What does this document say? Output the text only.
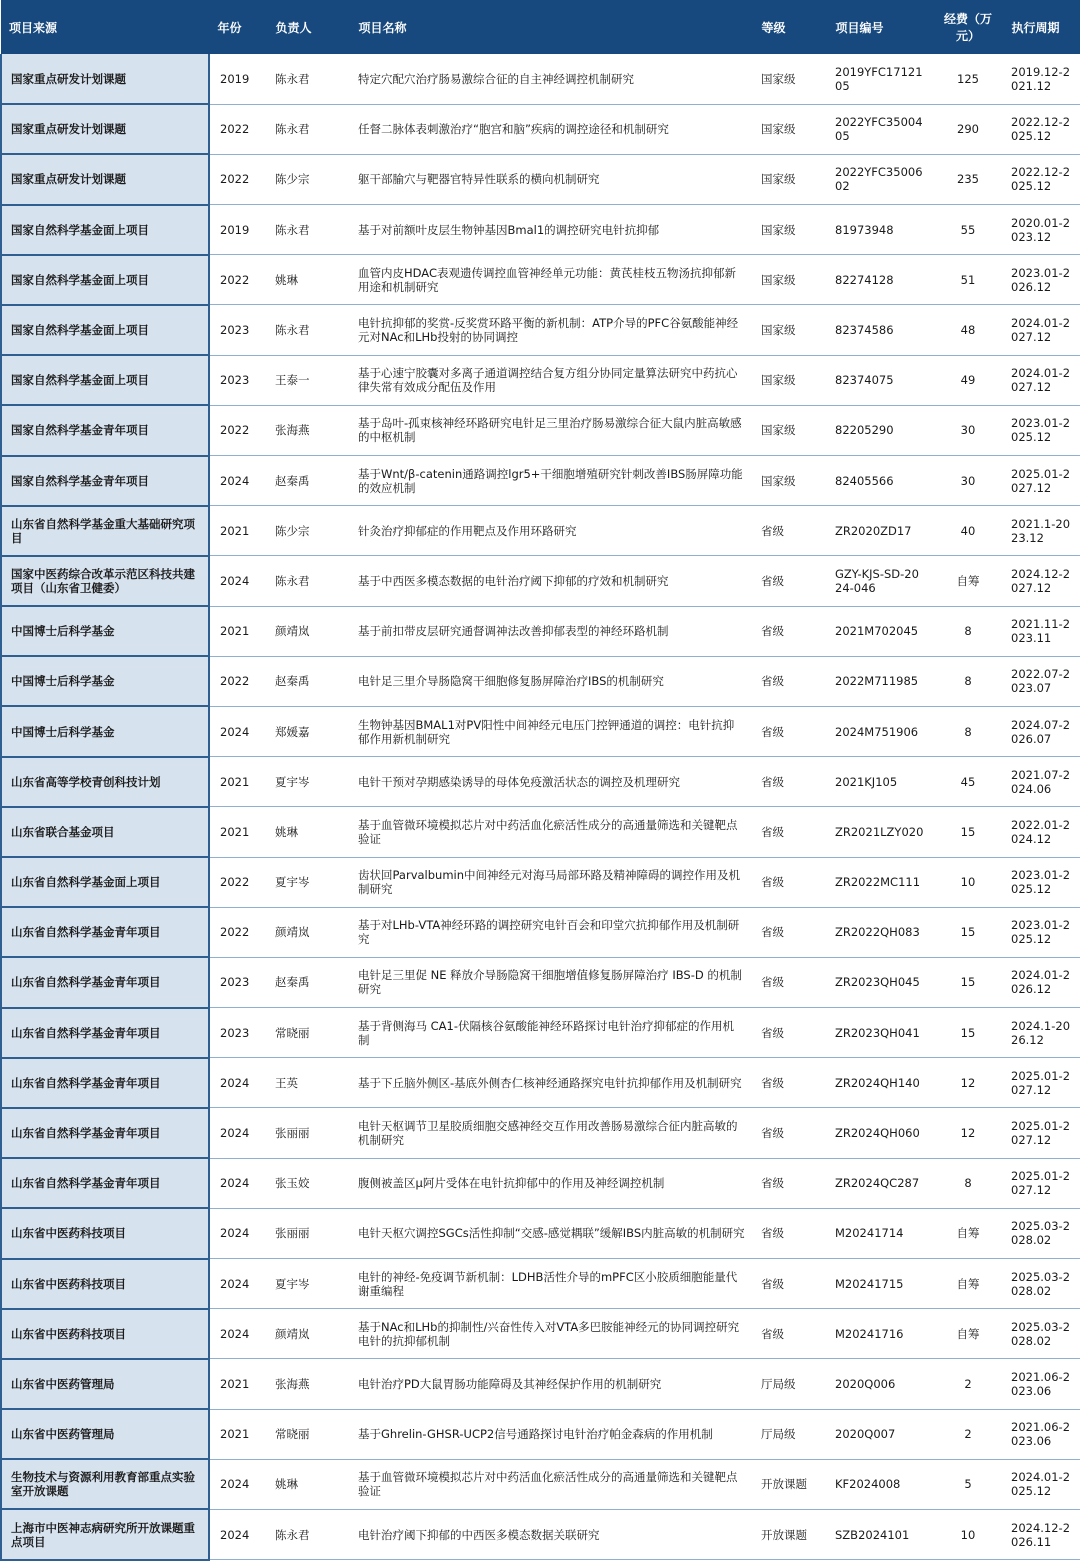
项目来源	年份	负责人	项目名称	等级	项目编号	经费（万元）	执行周期
国家重点研发计划课题	2019	陈永君	特定穴配穴治疗肠易激综合征的自主神经调控机制研究	国家级	2019YFC1712105	125	2019.12-2021.12
国家重点研发计划课题	2022	陈永君	任督二脉体表刺激治疗“胞宫和脑”疾病的调控途径和机制研究	国家级	2022YFC3500405	290	2022.12-2025.12
国家重点研发计划课题	2022	陈少宗	躯干部腧穴与靶器官特异性联系的横向机制研究	国家级	2022YFC3500602	235	2022.12-2025.12
国家自然科学基金面上项目	2019	陈永君	基于对前额叶皮层生物钟基因Bmal1的调控研究电针抗抑郁	国家级	81973948	55	2020.01-2023.12
国家自然科学基金面上项目	2022	姚琳	血管内皮HDAC表观遗传调控血管神经单元功能：黄芪桂枝五物汤抗抑郁新用途和机制研究	国家级	82274128	51	2023.01-2026.12
国家自然科学基金面上项目	2023	陈永君	电针抗抑郁的奖赏-反奖赏环路平衡的新机制：ATP介导的PFC谷氨酸能神经元对NAc和LHb投射的协同调控	国家级	82374586	48	2024.01-2027.12
国家自然科学基金面上项目	2023	王泰一	基于心速宁胶囊对多离子通道调控结合复方组分协同定量算法研究中药抗心律失常有效成分配伍及作用	国家级	82374075	49	2024.01-2027.12
国家自然科学基金青年项目	2022	张海燕	基于岛叶-孤束核神经环路研究电针足三里治疗肠易激综合征大鼠内脏高敏感的中枢机制	国家级	82205290	30	2023.01-2025.12
国家自然科学基金青年项目	2024	赵秦禹	基于Wnt/β-catenin通路调控lgr5+干细胞增殖研究针刺改善IBS肠屏障功能的效应机制	国家级	82405566	30	2025.01-2027.12
山东省自然科学基金重大基础研究项目	2021	陈少宗	针灸治疗抑郁症的作用靶点及作用环路研究	省级	ZR2020ZD17	40	2021.1-2023.12
国家中医药综合改革示范区科技共建项目（山东省卫健委）	2024	陈永君	基于中西医多模态数据的电针治疗阈下抑郁的疗效和机制研究	省级	GZY-KJS-SD-2024-046	自筹	2024.12-2027.12
中国博士后科学基金	2021	颜靖岚	基于前扣带皮层研究通督调神法改善抑郁表型的神经环路机制	省级	2021M702045	8	2021.11-2023.11
中国博士后科学基金	2022	赵秦禹	电针足三里介导肠隐窝干细胞修复肠屏障治疗IBS的机制研究	省级	2022M711985	8	2022.07-2023.07
中国博士后科学基金	2024	郑媛嘉	生物钟基因BMAL1对PV阳性中间神经元电压门控钾通道的调控：电针抗抑郁作用新机制研究	省级	2024M751906	8	2024.07-2026.07
山东省高等学校青创科技计划	2021	夏宇岑	电针干预对孕期感染诱导的母体免疫激活状态的调控及机理研究	省级	2021KJ105	45	2021.07-2024.06
山东省联合基金项目	2021	姚琳	基于血管微环境模拟芯片对中药活血化瘀活性成分的高通量筛选和关键靶点验证	省级	ZR2021LZY020	15	2022.01-2024.12
山东省自然科学基金面上项目	2022	夏宇岑	齿状回Parvalbumin中间神经元对海马局部环路及精神障碍的调控作用及机制研究	省级	ZR2022MC111	10	2023.01-2025.12
山东省自然科学基金青年项目	2022	颜靖岚	基于对LHb-VTA神经环路的调控研究电针百会和印堂穴抗抑郁作用及机制研究	省级	ZR2022QH083	15	2023.01-2025.12
山东省自然科学基金青年项目	2023	赵秦禹	电针足三里促 NE 释放介导肠隐窝干细胞增值修复肠屏障治疗 IBS-D 的机制研究	省级	ZR2023QH045	15	2024.01-2026.12
山东省自然科学基金青年项目	2023	常晓丽	基于背侧海马 CA1-伏隔核谷氨酸能神经环路探讨电针治疗抑郁症的作用机制	省级	ZR2023QH041	15	2024.1-2026.12
山东省自然科学基金青年项目	2024	王英	基于下丘脑外侧区-基底外侧杏仁核神经通路探究电针抗抑郁作用及机制研究	省级	ZR2024QH140	12	2025.01-2027.12
山东省自然科学基金青年项目	2024	张丽丽	电针天枢调节卫星胶质细胞交感神经交互作用改善肠易激综合征内脏高敏的机制研究	省级	ZR2024QH060	12	2025.01-2027.12
山东省自然科学基金青年项目	2024	张玉姣	腹侧被盖区μ阿片受体在电针抗抑郁中的作用及神经调控机制	省级	ZR2024QC287	8	2025.01-2027.12
山东省中医药科技项目	2024	张丽丽	电针天枢穴调控SGCs活性抑制“交感-感觉耦联”缓解IBS内脏高敏的机制研究	省级	M20241714	自筹	2025.03-2028.02
山东省中医药科技项目	2024	夏宇岑	电针的神经-免疫调节新机制：LDHB活性介导的mPFC区小胶质细胞能量代谢重编程	省级	M20241715	自筹	2025.03-2028.02
山东省中医药科技项目	2024	颜靖岚	基于NAc和LHb的抑制性/兴奋性传入对VTA多巴胺能神经元的协同调控研究电针的抗抑郁机制	省级	M20241716	自筹	2025.03-2028.02
山东省中医药管理局	2021	张海燕	电针治疗PD大鼠胃肠功能障碍及其神经保护作用的机制研究	厅局级	2020Q006	2	2021.06-2023.06
山东省中医药管理局	2021	常晓丽	基于Ghrelin-GHSR-UCP2信号通路探讨电针治疗帕金森病的作用机制	厅局级	2020Q007	2	2021.06-2023.06
生物技术与资源利用教育部重点实验室开放课题	2024	姚琳	基于血管微环境模拟芯片对中药活血化瘀活性成分的高通量筛选和关键靶点验证	开放课题	KF2024008	5	2024.01-2025.12
上海市中医神志病研究所开放课题重点项目	2024	陈永君	电针治疗阈下抑郁的中西医多模态数据关联研究	开放课题	SZB2024101	10	2024.12-2026.11
